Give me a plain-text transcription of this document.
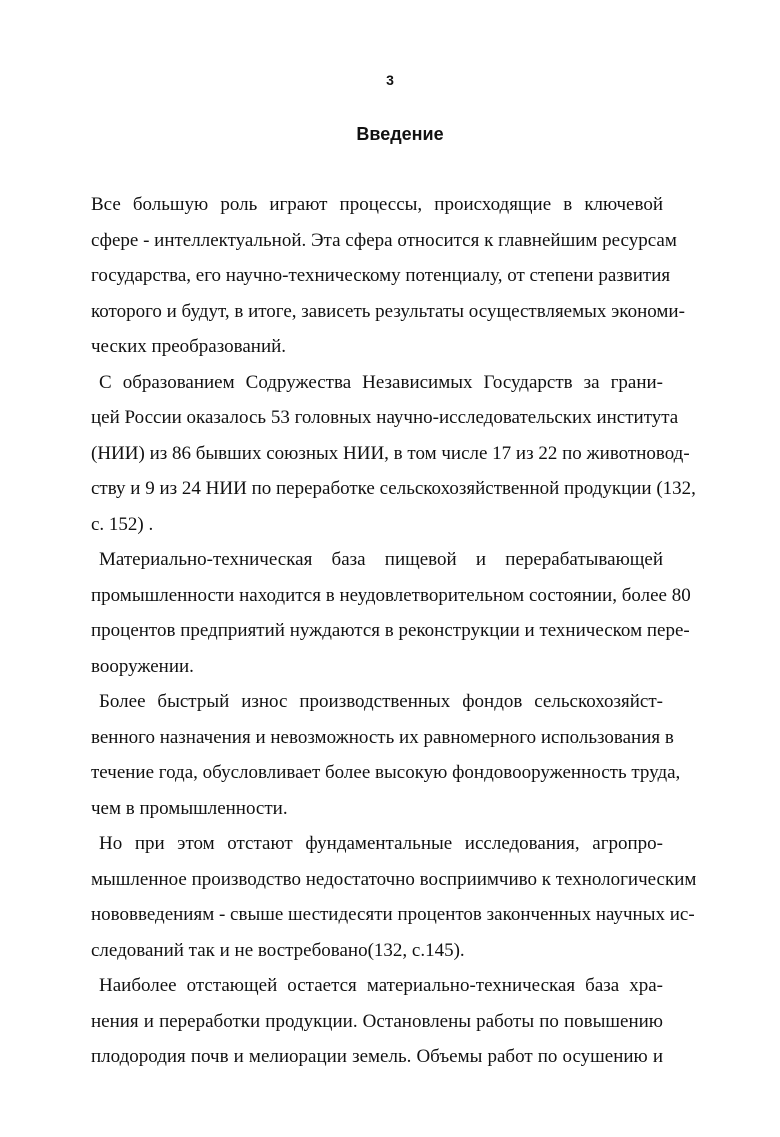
3
Введение
Все большую роль играют процессы, происходящие в ключевой
сфере - интеллектуальной. Эта сфера относится к главнейшим ресурсам
государства, его научно-техническому потенциалу, от степени развития
которого и будут, в итоге, зависеть результаты осуществляемых экономи-
ческих преобразований.
С образованием Содружества Независимых Государств за грани-
цей России оказалось 53 головных научно-исследовательских института
(НИИ) из 86 бывших союзных НИИ, в том числе 17 из 22 по животновод-
ству и 9 из 24 НИИ по переработке сельскохозяйственной продукции (132,
с. 152) .
Материально-техническая база пищевой и перерабатывающей
промышленности находится в неудовлетворительном состоянии, более 80
процентов предприятий нуждаются в реконструкции и техническом пере-
вооружении.
Более быстрый износ производственных фондов сельскохозяйст-
венного назначения и невозможность их равномерного использования в
течение года, обусловливает более высокую фондовооруженность труда,
чем в промышленности.
Но при этом отстают фундаментальные исследования, агропро-
мышленное производство недостаточно восприимчиво к технологическим
нововведениям - свыше шестидесяти процентов законченных научных ис-
следований так и не востребовано(132, с.145).
Наиболее отстающей остается материально-техническая база хра-
нения и переработки продукции. Остановлены работы по повышению
плодородия почв и мелиорации земель. Объемы работ по осушению и
